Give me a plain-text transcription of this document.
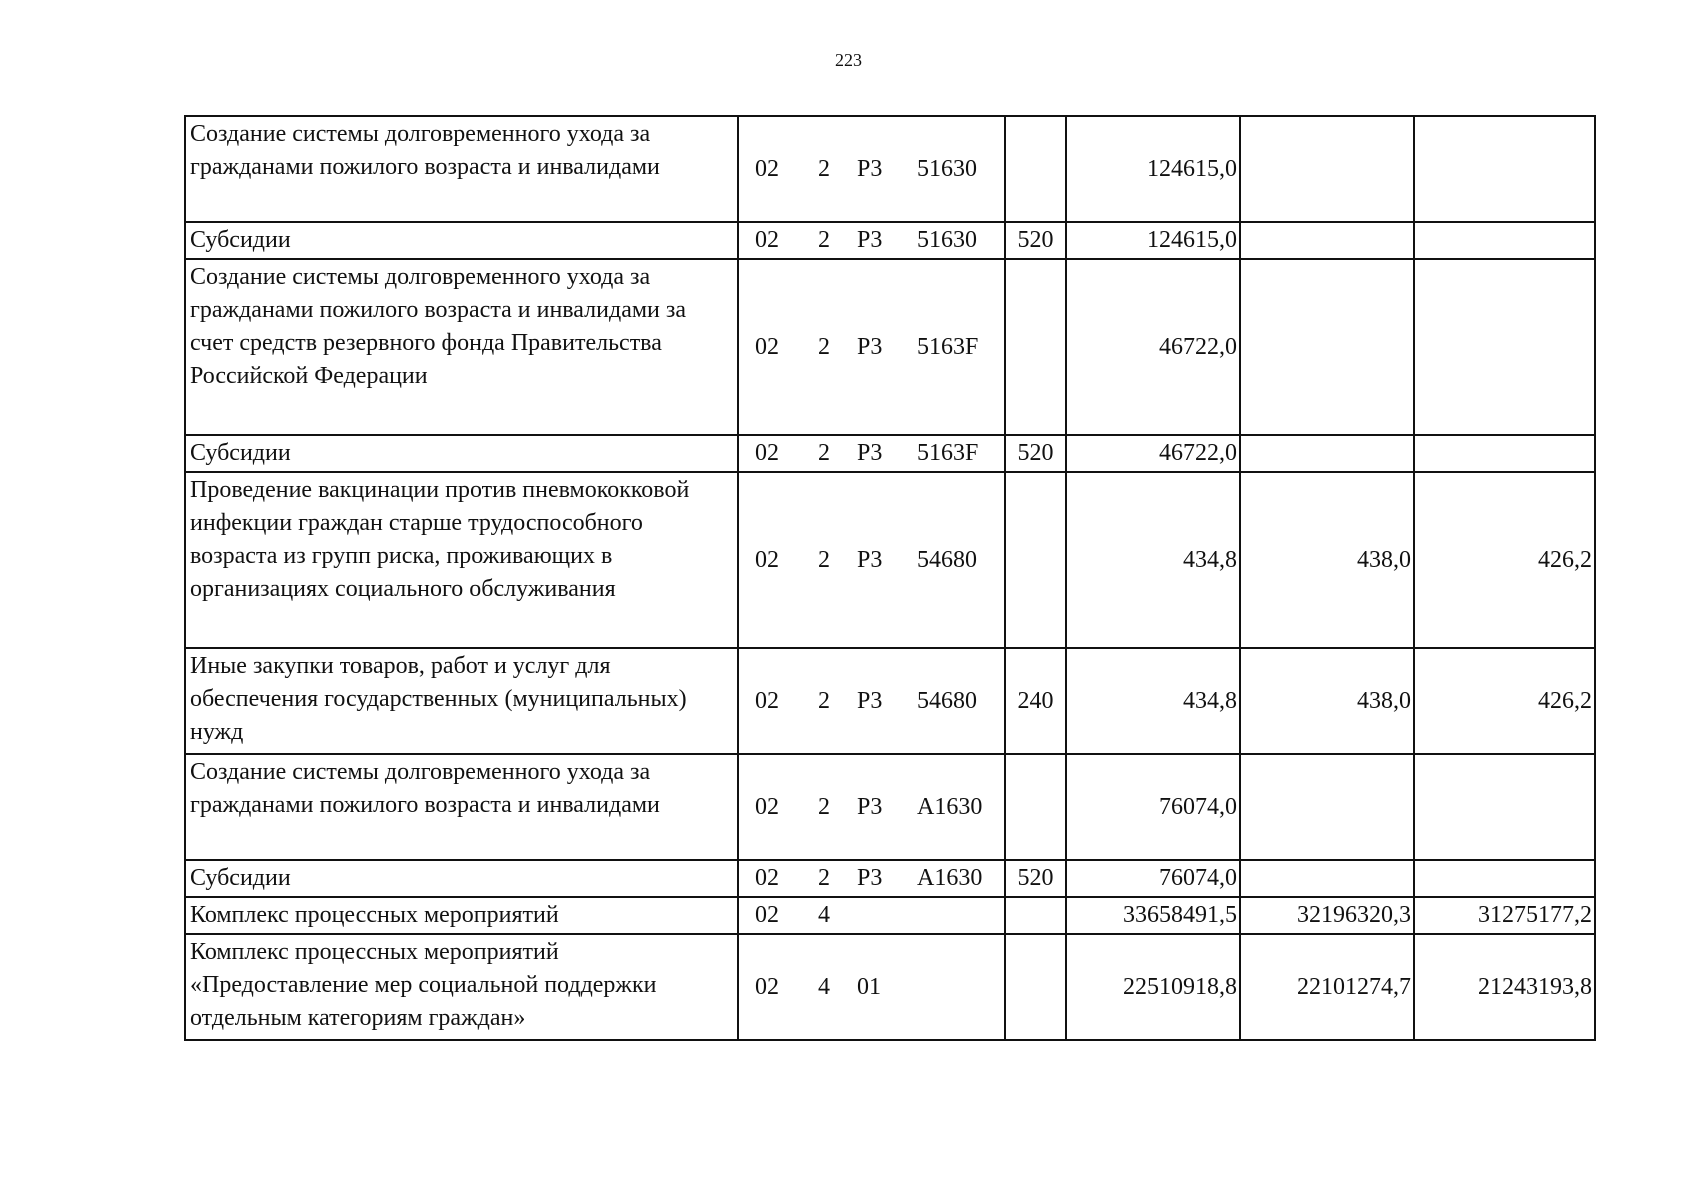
223
Создание системы долговременного ухода за гражданами пожилого возраста и инвалидами	02 2 Р3 51630		124615,0		
Субсидии	02 2 Р3 51630	520	124615,0		
Создание системы долговременного ухода за гражданами пожилого возраста и инвалидами за счет средств резервного фонда Правительства Российской Федерации	02 2 Р3 5163F		46722,0		
Субсидии	02 2 Р3 5163F	520	46722,0		
Проведение вакцинации против пневмококковой инфекции граждан старше трудоспособного возраста из групп риска, проживающих в организациях социального обслуживания	02 2 Р3 54680		434,8	438,0	426,2
Иные закупки товаров, работ и услуг для обеспечения государственных (муниципальных) нужд	02 2 Р3 54680	240	434,8	438,0	426,2
Создание системы долговременного ухода за гражданами пожилого возраста и инвалидами	02 2 Р3 А1630		76074,0		
Субсидии	02 2 Р3 А1630	520	76074,0		
Комплекс процессных мероприятий	02 4		33658491,5	32196320,3	31275177,2
Комплекс процессных мероприятий «Предоставление мер социальной поддержки отдельным категориям граждан»	02 4 01		22510918,8	22101274,7	21243193,8
